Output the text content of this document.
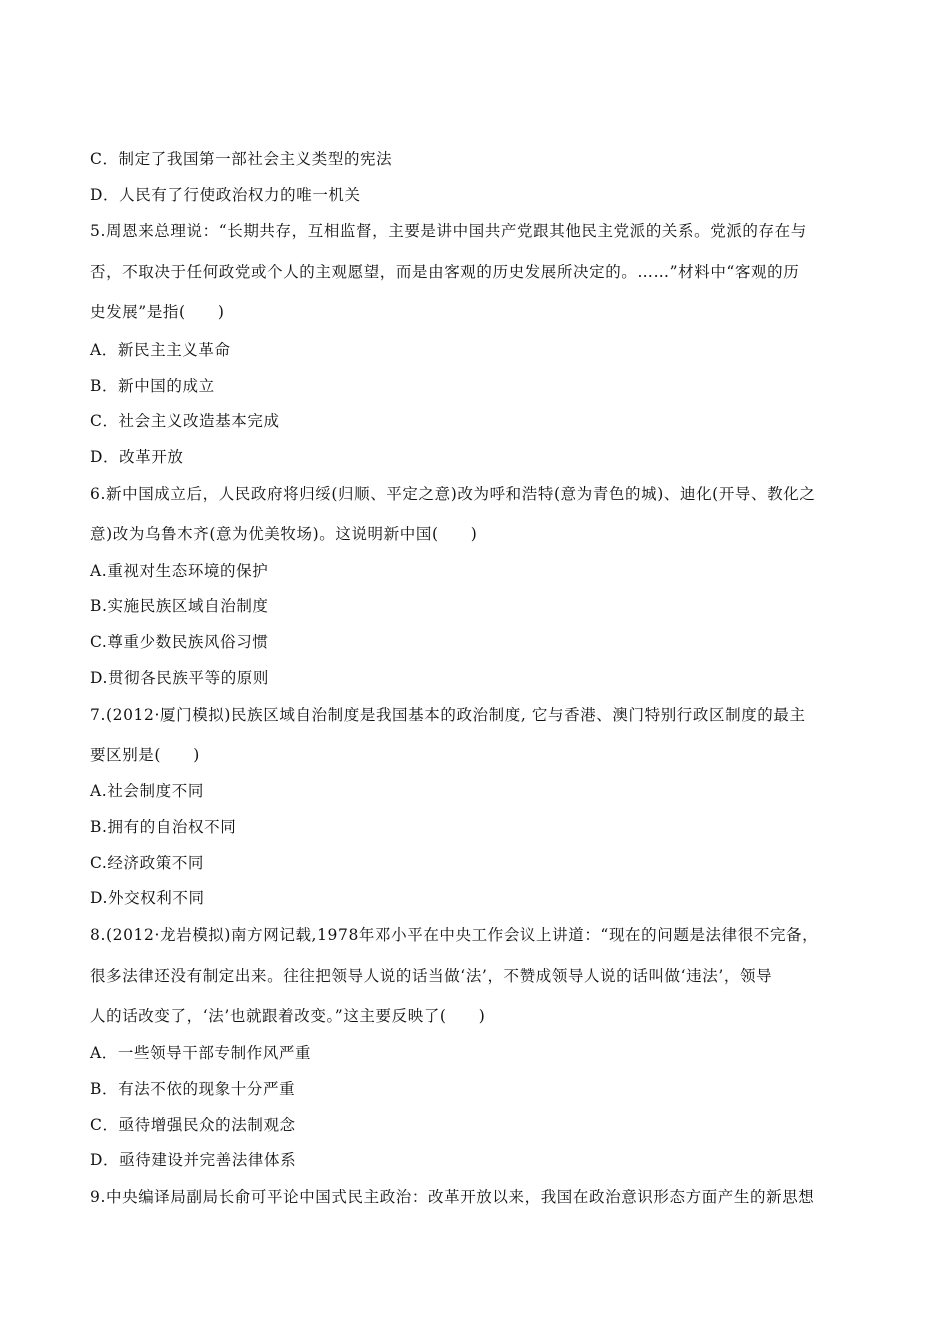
C．制定了我国第一部社会主义类型的宪法
D．人民有了行使政治权力的唯一机关
5.周恩来总理说：“长期共存，互相监督，主要是讲中国共产党跟其他民主党派的关系。党派的存在与
否，不取决于任何政党或个人的主观愿望，而是由客观的历史发展所决定的。……”材料中“客观的历
史发展”是指(　　)
A．新民主主义革命
B．新中国的成立
C．社会主义改造基本完成
D．改革开放
6.新中国成立后，人民政府将归绥(归顺、平定之意)改为呼和浩特(意为青色的城)、迪化(开导、教化之
意)改为乌鲁木齐(意为优美牧场)。这说明新中国(　　)
A.重视对生态环境的保护
B.实施民族区域自治制度
C.尊重少数民族风俗习惯
D.贯彻各民族平等的原则
7.(2012·厦门模拟)民族区域自治制度是我国基本的政治制度, 它与香港、澳门特别行政区制度的最主
要区别是(　　)
A.社会制度不同
B.拥有的自治权不同
C.经济政策不同
D.外交权利不同
8.(2012·龙岩模拟)南方网记载,1978年邓小平在中央工作会议上讲道：“现在的问题是法律很不完备，
很多法律还没有制定出来。往往把领导人说的话当做‘法’，不赞成领导人说的话叫做‘违法’，领导
人的话改变了，‘法’也就跟着改变。”这主要反映了(　　)
A．一些领导干部专制作风严重
B．有法不依的现象十分严重
C．亟待增强民众的法制观念
D．亟待建设并完善法律体系
9.中央编译局副局长俞可平论中国式民主政治：改革开放以来，我国在政治意识形态方面产生的新思想
